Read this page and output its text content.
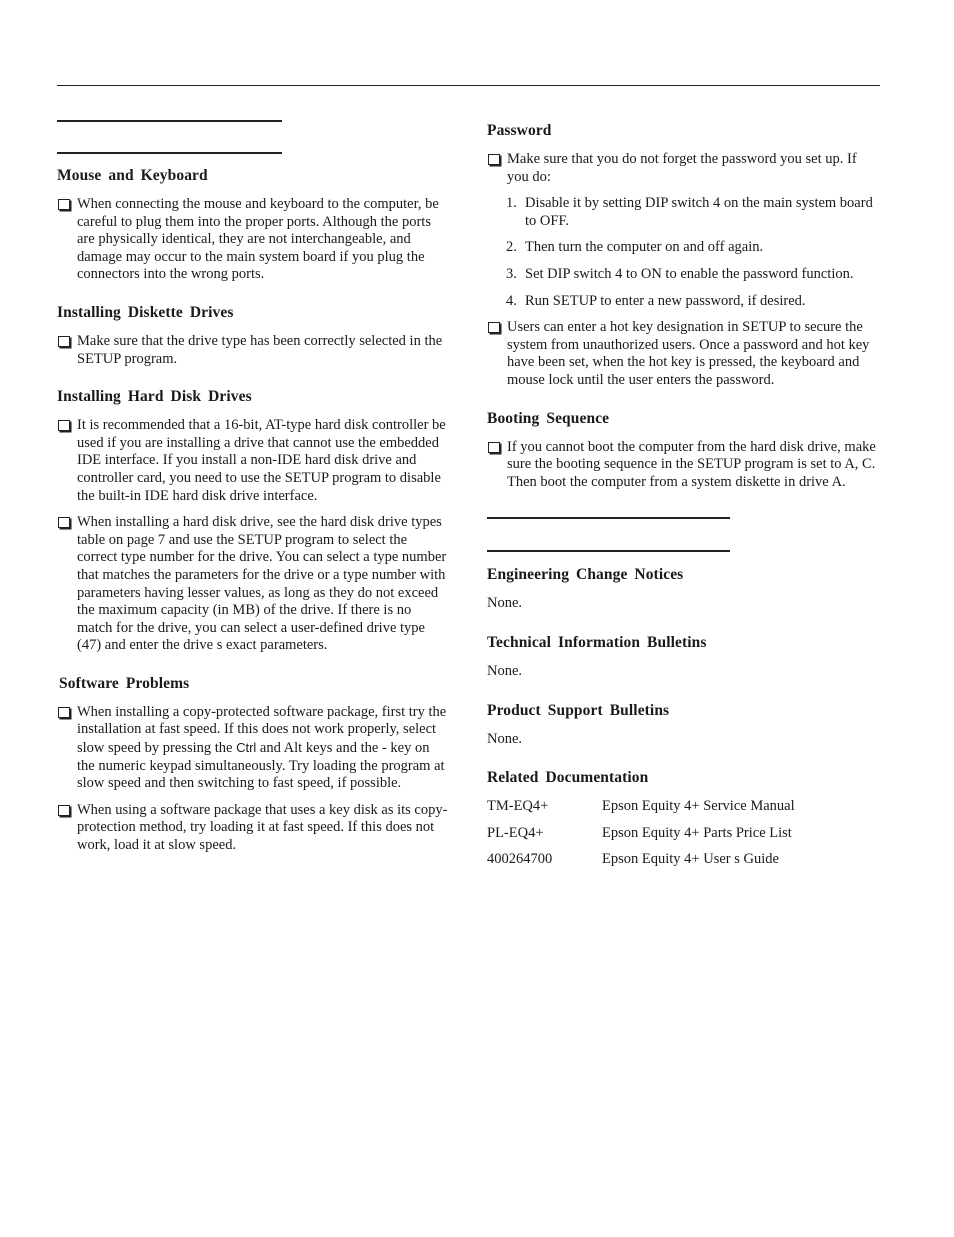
Mouse and Keyboard
When connecting the mouse and keyboard to the computer, be careful to plug them into the proper ports. Although the ports are physically identical, they are not interchangeable, and damage may occur to the main system board if you plug the connectors into the wrong ports.
Installing Diskette Drives
Make sure that the drive type has been correctly selected in the SETUP program.
Installing Hard Disk Drives
It is recommended that a 16-bit, AT-type hard disk controller be used if you are installing a drive that cannot use the embedded IDE interface. If you install a non-IDE hard disk drive and controller card, you need to use the SETUP program to disable the built-in IDE hard disk drive interface.
When installing a hard disk drive, see the hard disk drive types table on page 7 and use the SETUP program to select the correct type number for the drive. You can select a type number that matches the parameters for the drive or a type number with parameters having lesser values, as long as they do not exceed the maximum capacity (in MB) of the drive. If there is no match for the drive, you can select a user-defined drive type (47) and enter the drive s exact parameters.
Software Problems
When installing a copy-protected software package, first try the installation at fast speed. If this does not work properly, select slow speed by pressing the Ctrl and Alt keys and the - key on the numeric keypad simultaneously. Try loading the program at slow speed and then switching to fast speed, if possible.
When using a software package that uses a key disk as its copy-protection method, try loading it at fast speed. If this does not work, load it at slow speed.
Password
Make sure that you do not forget the password you set up. If you do:
1. Disable it by setting DIP switch 4 on the main system board to OFF.
2. Then turn the computer on and off again.
3. Set DIP switch 4 to ON to enable the password function.
4. Run SETUP to enter a new password, if desired.
Users can enter a hot key designation in SETUP to secure the system from unauthorized users. Once a password and hot key have been set, when the hot key is pressed, the keyboard and mouse lock until the user enters the password.
Booting Sequence
If you cannot boot the computer from the hard disk drive, make sure the booting sequence in the SETUP program is set to A, C. Then boot the computer from a system diskette in drive A.
Engineering Change Notices

None.

Technical Information Bulletins

None.

Product Support Bulletins

None.

Related Documentation
TM-EQ4+	Epson Equity 4+ Service Manual
PL-EQ4+	Epson Equity 4+ Parts Price List
400264700	Epson Equity 4+ User s Guide
